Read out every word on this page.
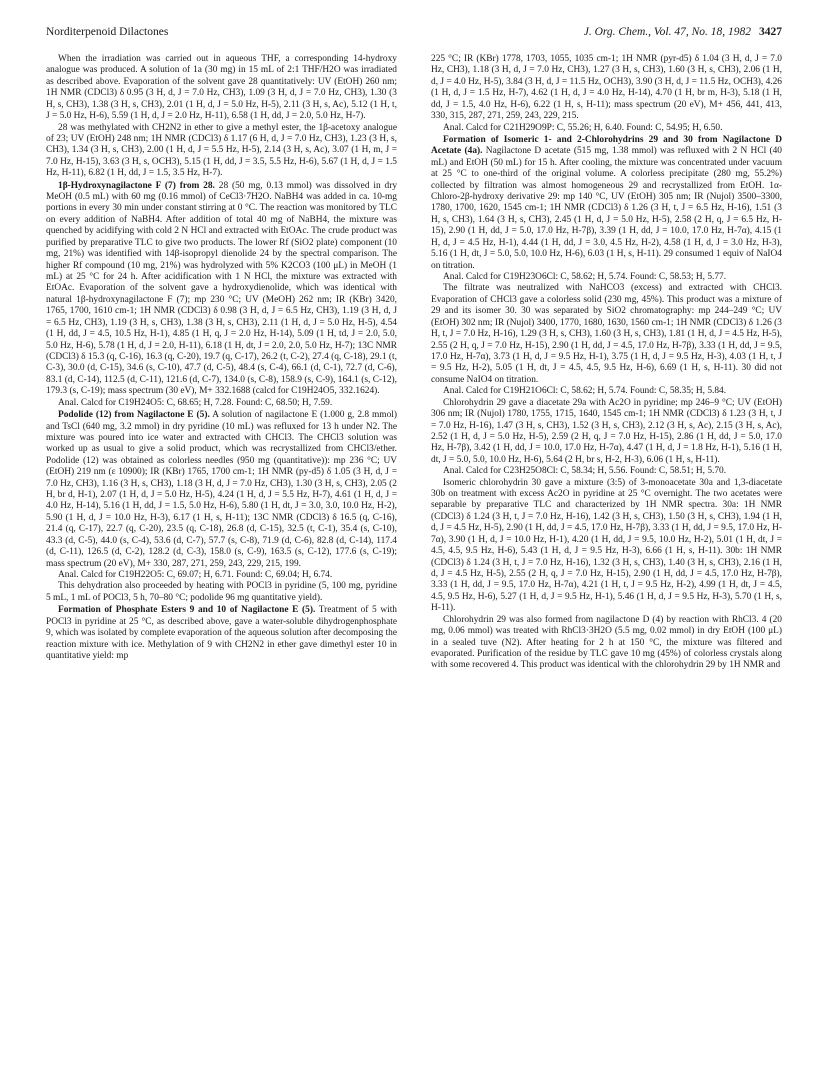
Norditerpenoid Dilactones	J. Org. Chem., Vol. 47, No. 18, 1982 3427

When the irradiation was carried out in aqueous THF, a corresponding 14-hydroxy analogue was produced. A solution of 1a (30 mg) in 15 mL of 2:1 THF/H2O was irradiated as described above. Evaporation of the solvent gave 28 quantitatively: UV (EtOH) 260 nm; 1H NMR (CDCl3) δ 0.95 (3 H, d, J = 7.0 Hz, CH3), 1.09 (3 H, d, J = 7.0 Hz, CH3), 1.30 (3 H, s, CH3), 1.38 (3 H, s, CH3), 2.01 (1 H, d, J = 5.0 Hz, H-5), 2.11 (3 H, s, Ac), 5.12 (1 H, t, J = 5.0 Hz, H-6), 5.59 (1 H, d, J = 2.0 Hz, H-11), 6.58 (1 H, dd, J = 2.0, 5.0 Hz, H-7).

28 was methylated with CH2N2 in ether to give a methyl ester, the 1β-acetoxy analogue of 23; UV (EtOH) 248 nm; 1H NMR (CDCl3) δ 1.17 (6 H, d, J = 7.0 Hz, CH3), 1.23 (3 H, s, CH3), 1.34 (3 H, s, CH3), 2.00 (1 H, d, J = 5.5 Hz, H-5), 2.14 (3 H, s, Ac), 3.07 (1 H, m, J = 7.0 Hz, H-15), 3.63 (3 H, s, OCH3), 5.15 (1 H, dd, J = 3.5, 5.5 Hz, H-6), 5.67 (1 H, d, J = 1.5 Hz, H-11), 6.82 (1 H, dd, J = 1.5, 3.5 Hz, H-7).

1β-Hydroxynagilactone F (7) from 28. 28 (50 mg, 0.13 mmol) was dissolved in dry MeOH (0.5 mL) with 60 mg (0.16 mmol) of CeCl3·7H2O. NaBH4 was added in ca. 10-mg portions in every 30 min under constant stirring at 0 °C. The reaction was monitored by TLC on every addition of NaBH4. After addition of total 40 mg of NaBH4, the mixture was quenched by acidifying with cold 2 N HCl and extracted with EtOAc. The crude product was purified by preparative TLC to give two products. The lower Rf (SiO2 plate) component (10 mg, 21%) was identified with 14β-isopropyl dienolide 24 by the spectral comparison. The higher Rf compound (10 mg, 21%) was hydrolyzed with 5% K2CO3 (100 μL) in MeOH (1 mL) at 25 °C for 24 h. After acidification with 1 N HCl, the mixture was extracted with EtOAc. Evaporation of the solvent gave a hydroxydienolide, which was identical with natural 1β-hydroxynagilactone F (7); mp 230 °C; UV (MeOH) 262 nm; IR (KBr) 3420, 1765, 1700, 1610 cm-1; 1H NMR (CDCl3) δ 0.98 (3 H, d, J = 6.5 Hz, CH3), 1.19 (3 H, d, J = 6.5 Hz, CH3), 1.19 (3 H, s, CH3), 1.38 (3 H, s, CH3), 2.11 (1 H, d, J = 5.0 Hz, H-5), 4.54 (1 H, dd, J = 4.5, 10.5 Hz, H-1), 4.85 (1 H, q, J = 2.0 Hz, H-14), 5.09 (1 H, td, J = 2.0, 5.0, 5.0 Hz, H-6), 5.78 (1 H, d, J = 2.0, H-11), 6.18 (1 H, dt, J = 2.0, 2.0, 5.0 Hz, H-7); 13C NMR (CDCl3) δ 15.3 (q, C-16), 16.3 (q, C-20), 19.7 (q, C-17), 26.2 (t, C-2), 27.4 (q, C-18), 29.1 (t, C-3), 30.0 (d, C-15), 34.6 (s, C-10), 47.7 (d, C-5), 48.4 (s, C-4), 66.1 (d, C-1), 72.7 (d, C-6), 83.1 (d, C-14), 112.5 (d, C-11), 121.6 (d, C-7), 134.0 (s, C-8), 158.9 (s, C-9), 164.1 (s, C-12), 179.3 (s, C-19); mass spectrum (30 eV), M+ 332.1688 (calcd for C19H24O5, 332.1624).

Anal. Calcd for C19H24O5: C, 68.65; H, 7.28. Found: C, 68.50; H, 7.59.

Podolide (12) from Nagilactone E (5). A solution of nagilactone E (1.000 g, 2.8 mmol) and TsCl (640 mg, 3.2 mmol) in dry pyridine (10 mL) was refluxed for 13 h under N2. The mixture was poured into ice water and extracted with CHCl3. The CHCl3 solution was worked up as usual to give a solid product, which was recrystallized from CHCl3/ether. Podolide (12) was obtained as colorless needles (950 mg (quantitative)): mp 236 °C; UV (EtOH) 219 nm (ε 10900); IR (KBr) 1765, 1700 cm-1; 1H NMR (py-d5) δ 1.05 (3 H, d, J = 7.0 Hz, CH3), 1.16 (3 H, s, CH3), 1.18 (3 H, d, J = 7.0 Hz, CH3), 1.30 (3 H, s, CH3), 2.05 (2 H, br d, H-1), 2.07 (1 H, d, J = 5.0 Hz, H-5), 4.24 (1 H, d, J = 5.5 Hz, H-7), 4.61 (1 H, d, J = 4.0 Hz, H-14), 5.16 (1 H, dd, J = 1.5, 5.0 Hz, H-6), 5.80 (1 H, dt, J = 3.0, 3.0, 10.0 Hz, H-2), 5.90 (1 H, d, J = 10.0 Hz, H-3), 6.17 (1 H, s, H-11); 13C NMR (CDCl3) δ 16.5 (q, C-16), 21.4 (q, C-17), 22.7 (q, C-20), 23.5 (q, C-18), 26.8 (d, C-15), 32.5 (t, C-1), 35.4 (s, C-10), 43.3 (d, C-5), 44.0 (s, C-4), 53.6 (d, C-7), 57.7 (s, C-8), 71.9 (d, C-6), 82.8 (d, C-14), 117.4 (d, C-11), 126.5 (d, C-2), 128.2 (d, C-3), 158.0 (s, C-9), 163.5 (s, C-12), 177.6 (s, C-19); mass spectrum (20 eV), M+ 330, 287, 271, 259, 243, 229, 215, 199.

Anal. Calcd for C19H22O5: C, 69.07; H, 6.71. Found: C, 69.04; H, 6.74.

This dehydration also proceeded by heating with POCl3 in pyridine (5, 100 mg, pyridine 5 mL, 1 mL of POCl3, 5 h, 70–80 °C; podolide 96 mg quantitative yield).

Formation of Phosphate Esters 9 and 10 of Nagilactone E (5). Treatment of 5 with POCl3 in pyridine at 25 °C, as described above, gave a water-soluble dihydrogenphosphate 9, which was isolated by complete evaporation of the aqueous solution after decomposing the reaction mixture with ice. Methylation of 9 with CH2N2 in ether gave dimethyl ester 10 in quantitative yield: mp

225 °C; IR (KBr) 1778, 1703, 1055, 1035 cm-1; 1H NMR (pyr-d5) δ 1.04 (3 H, d, J = 7.0 Hz, CH3), 1.18 (3 H, d, J = 7.0 Hz, CH3), 1.27 (3 H, s, CH3), 1.60 (3 H, s, CH3), 2.06 (1 H, d, J = 4.0 Hz, H-5), 3.84 (3 H, d, J = 11.5 Hz, OCH3), 3.90 (3 H, d, J = 11.5 Hz, OCH3), 4.26 (1 H, d, J = 1.5 Hz, H-7), 4.62 (1 H, d, J = 4.0 Hz, H-14), 4.70 (1 H, br m, H-3), 5.18 (1 H, dd, J = 1.5, 4.0 Hz, H-6), 6.22 (1 H, s, H-11); mass spectrum (20 eV), M+ 456, 441, 413, 330, 315, 287, 271, 259, 243, 229, 215.

Anal. Calcd for C21H29O9P: C, 55.26; H, 6.40. Found: C, 54.95; H, 6.50.

Formation of Isomeric 1- and 2-Chlorohydrins 29 and 30 from Nagilactone D Acetate (4a). Nagilactone D acetate (515 mg, 1.38 mmol) was refluxed with 2 N HCl (40 mL) and EtOH (50 mL) for 15 h. After cooling, the mixture was concentrated under vacuum at 25 °C to one-third of the original volume. A colorless precipitate (280 mg, 55.2%) collected by filtration was almost homogeneous 29 and recrystallized from EtOH. 1α-Chloro-2β-hydroxy derivative 29: mp 140 °C, UV (EtOH) 305 nm; IR (Nujol) 3500–3300, 1780, 1700, 1620, 1545 cm-1; 1H NMR (CDCl3) δ 1.26 (3 H, t, J = 6.5 Hz, H-16), 1.51 (3 H, s, CH3), 1.64 (3 H, s, CH3), 2.45 (1 H, d, J = 5.0 Hz, H-5), 2.58 (2 H, q, J = 6.5 Hz, H-15), 2.90 (1 H, dd, J = 5.0, 17.0 Hz, H-7β), 3.39 (1 H, dd, J = 10.0, 17.0 Hz, H-7α), 4.15 (1 H, d, J = 4.5 Hz, H-1), 4.44 (1 H, dd, J = 3.0, 4.5 Hz, H-2), 4.58 (1 H, d, J = 3.0 Hz, H-3), 5.16 (1 H, dt, J = 5.0, 5.0, 10.0 Hz, H-6), 6.03 (1 H, s, H-11). 29 consumed 1 equiv of NaIO4 on titration.

Anal. Calcd for C19H23O6Cl: C, 58.62; H, 5.74. Found: C, 58.53; H, 5.77.

The filtrate was neutralized with NaHCO3 (excess) and extracted with CHCl3. Evaporation of CHCl3 gave a colorless solid (230 mg, 45%). This product was a mixture of 29 and its isomer 30. 30 was separated by SiO2 chromatography: mp 244–249 °C; UV (EtOH) 302 nm; IR (Nujol) 3400, 1770, 1680, 1630, 1560 cm-1; 1H NMR (CDCl3) δ 1.26 (3 H, t, J = 7.0 Hz, H-16), 1.29 (3 H, s, CH3), 1.60 (3 H, s, CH3), 1.81 (1 H, d, J = 4.5 Hz, H-5), 2.55 (2 H, q, J = 7.0 Hz, H-15), 2.90 (1 H, dd, J = 4.5, 17.0 Hz, H-7β), 3.33 (1 H, dd, J = 9.5, 17.0 Hz, H-7α), 3.73 (1 H, d, J = 9.5 Hz, H-1), 3.75 (1 H, d, J = 9.5 Hz, H-3), 4.03 (1 H, t, J = 9.5 Hz, H-2), 5.05 (1 H, dt, J = 4.5, 4.5, 9.5 Hz, H-6), 6.69 (1 H, s, H-11). 30 did not consume NaIO4 on titration.

Anal. Calcd for C19H21O6Cl: C, 58.62; H, 5.74. Found: C, 58.35; H, 5.84.

Chlorohydrin 29 gave a diacetate 29a with Ac2O in pyridine; mp 246–9 °C; UV (EtOH) 306 nm; IR (Nujol) 1780, 1755, 1715, 1640, 1545 cm-1; 1H NMR (CDCl3) δ 1.23 (3 H, t, J = 7.0 Hz, H-16), 1.47 (3 H, s, CH3), 1.52 (3 H, s, CH3), 2.12 (3 H, s, Ac), 2.15 (3 H, s, Ac), 2.52 (1 H, d, J = 5.0 Hz, H-5), 2.59 (2 H, q, J = 7.0 Hz, H-15), 2.86 (1 H, dd, J = 5.0, 17.0 Hz, H-7β), 3.42 (1 H, dd, J = 10.0, 17.0 Hz, H-7α), 4.47 (1 H, d, J = 1.8 Hz, H-1), 5.16 (1 H, dt, J = 5.0, 5.0, 10.0 Hz, H-6), 5.64 (2 H, br s, H-2, H-3), 6.06 (1 H, s, H-11).

Anal. Calcd for C23H25O8Cl: C, 58.34; H, 5.56. Found: C, 58.51; H, 5.70.

Isomeric chlorohydrin 30 gave a mixture (3:5) of 3-monoacetate 30a and 1,3-diacetate 30b on treatment with excess Ac2O in pyridine at 25 °C overnight. The two acetates were separable by preparative TLC and characterized by 1H NMR spectra. 30a: 1H NMR (CDCl3) δ 1.24 (3 H, t, J = 7.0 Hz, H-16), 1.42 (3 H, s, CH3), 1.50 (3 H, s, CH3), 1.94 (1 H, d, J = 4.5 Hz, H-5), 2.90 (1 H, dd, J = 4.5, 17.0 Hz, H-7β), 3.33 (1 H, dd, J = 9.5, 17.0 Hz, H-7α), 3.90 (1 H, d, J = 10.0 Hz, H-1), 4.20 (1 H, dd, J = 9.5, 10.0 Hz, H-2), 5.01 (1 H, dt, J = 4.5, 4.5, 9.5 Hz, H-6), 5.43 (1 H, d, J = 9.5 Hz, H-3), 6.66 (1 H, s, H-11). 30b: 1H NMR (CDCl3) δ 1.24 (3 H, t, J = 7.0 Hz, H-16), 1.32 (3 H, s, CH3), 1.40 (3 H, s, CH3), 2.16 (1 H, d, J = 4.5 Hz, H-5), 2.55 (2 H, q, J = 7.0 Hz, H-15), 2.90 (1 H, dd, J = 4.5, 17.0 Hz, H-7β), 3.33 (1 H, dd, J = 9.5, 17.0 Hz, H-7α), 4.21 (1 H, t, J = 9.5 Hz, H-2), 4.99 (1 H, dt, J = 4.5, 4.5, 9.5 Hz, H-6), 5.27 (1 H, d, J = 9.5 Hz, H-1), 5.46 (1 H, d, J = 9.5 Hz, H-3), 5.70 (1 H, s, H-11).

Chlorohydrin 29 was also formed from nagilactone D (4) by reaction with RhCl3. 4 (20 mg, 0.06 mmol) was treated with RhCl3·3H2O (5.5 mg, 0.02 mmol) in dry EtOH (100 μL) in a sealed tuve (N2). After heating for 2 h at 150 °C, the mixture was filtered and evaporated. Purification of the residue by TLC gave 10 mg (45%) of colorless crystals along with some recovered 4. This product was identical with the chlorohydrin 29 by 1H NMR and
